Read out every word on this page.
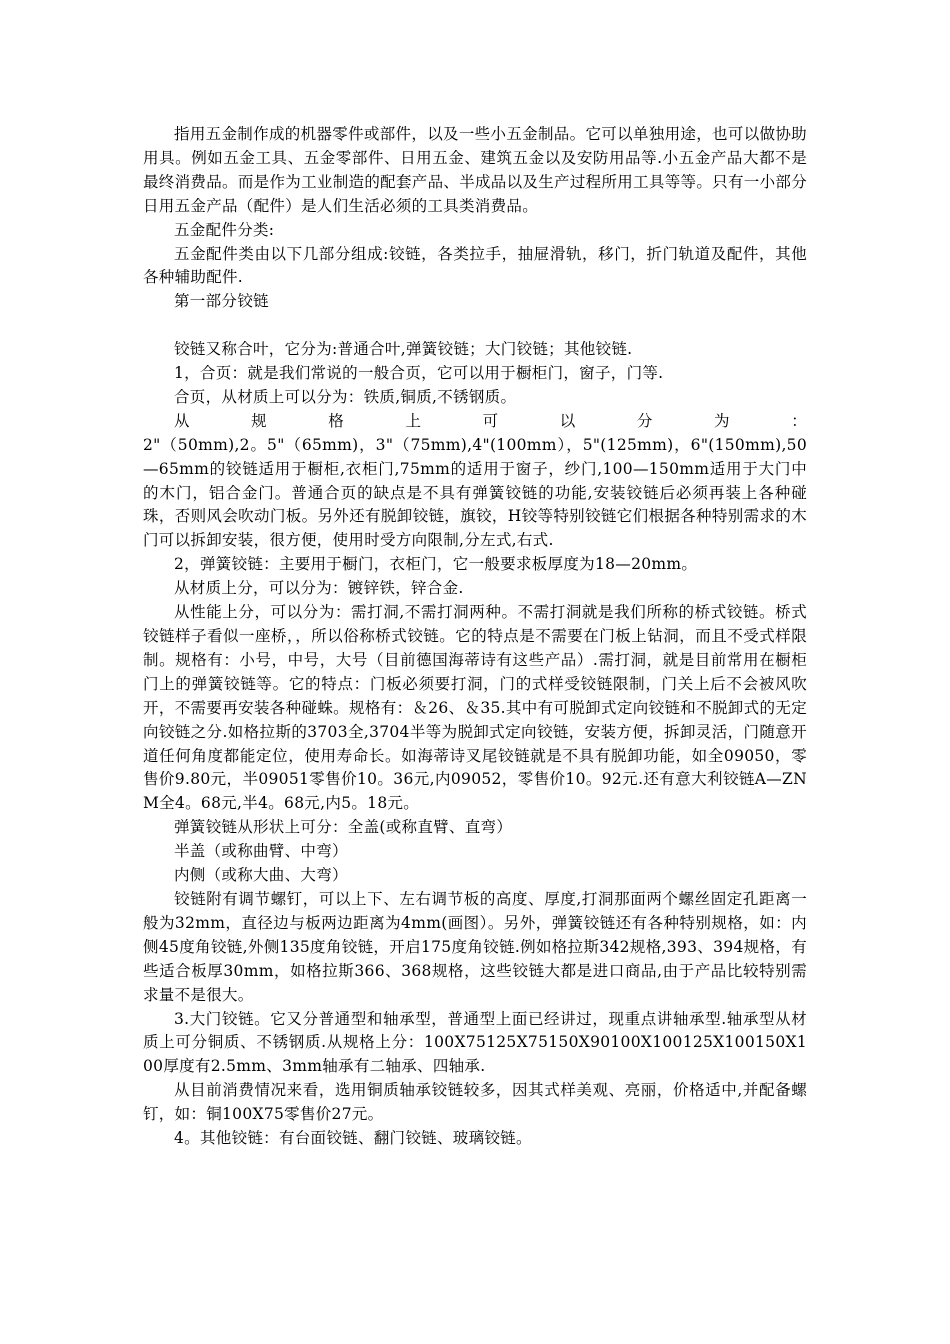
指用五金制作成的机器零件或部件，以及一些小五金制品。它可以单独用途，也可以做协助用具。例如五金工具、五金零部件、日用五金、建筑五金以及安防用品等.小五金产品大都不是最终消费品。而是作为工业制造的配套产品、半成品以及生产过程所用工具等等。只有一小部分日用五金产品（配件）是人们生活必须的工具类消费品。

五金配件分类:

五金配件类由以下几部分组成:铰链，各类拉手，抽屉滑轨，移门，折门轨道及配件，其他各种辅助配件.

第一部分铰链

铰链又称合叶，它分为:普通合叶,弹簧铰链；大门铰链；其他铰链.

1，合页：就是我们常说的一般合页，它可以用于橱柜门，窗子，门等.

合页，从材质上可以分为：铁质,铜质,不锈钢质。

从　规　格　上　可　以　分　为　：

2"（50mm),2。5"（65mm)，3"（75mm),4"(100mm），5"(125mm)，6"(150mm),50—65mm的铰链适用于橱柜,衣柜门,75mm的适用于窗子，纱门,100—150mm适用于大门中的木门，铝合金门。普通合页的缺点是不具有弹簧铰链的功能,安装铰链后必须再装上各种碰珠，否则风会吹动门板。另外还有脱卸铰链，旗铰，H铰等特别铰链它们根据各种特别需求的木门可以拆卸安装，很方便，使用时受方向限制,分左式,右式.

2，弹簧铰链：主要用于橱门，衣柜门，它一般要求板厚度为18—20mm。

从材质上分，可以分为：镀锌铁，锌合金.

从性能上分，可以分为：需打洞,不需打洞两种。不需打洞就是我们所称的桥式铰链。桥式铰链样子看似一座桥，，所以俗称桥式铰链。它的特点是不需要在门板上钻洞，而且不受式样限制。规格有：小号，中号，大号（目前德国海蒂诗有这些产品）.需打洞，就是目前常用在橱柜门上的弹簧铰链等。它的特点：门板必须要打洞，门的式样受铰链限制，门关上后不会被风吹开，不需要再安装各种碰蛛。规格有：＆26、＆35.其中有可脱卸式定向铰链和不脱卸式的无定向铰链之分.如格拉斯的3703全,3704半等为脱卸式定向铰链，安装方便，拆卸灵活，门随意开道任何角度都能定位，使用寿命长。如海蒂诗叉尾铰链就是不具有脱卸功能，如全09050，零售价9.80元，半09051零售价10。36元,内09052，零售价10。92元.还有意大利铰链A—ZNM全4。68元,半4。68元,内5。18元。

弹簧铰链从形状上可分：全盖(或称直臂、直弯）

半盖（或称曲臂、中弯）

内侧（或称大曲、大弯）

铰链附有调节螺钉，可以上下、左右调节板的高度、厚度,打洞那面两个螺丝固定孔距离一般为32mm，直径边与板两边距离为4mm(画图）。另外，弹簧铰链还有各种特别规格，如：内侧45度角铰链,外侧135度角铰链，开启175度角铰链.例如格拉斯342规格,393、394规格，有些适合板厚30mm，如格拉斯366、368规格，这些铰链大都是进口商品,由于产品比较特别需求量不是很大。

3.大门铰链。它又分普通型和轴承型，普通型上面已经讲过，现重点讲轴承型.轴承型从材质上可分铜质、不锈钢质.从规格上分：100X75125X75150X90100X100125X100150X100厚度有2.5mm、3mm轴承有二轴承、四轴承.

从目前消费情况来看，选用铜质轴承铰链较多，因其式样美观、亮丽，价格适中,并配备螺钉，如：铜100X75零售价27元。

4。其他铰链：有台面铰链、翻门铰链、玻璃铰链。
